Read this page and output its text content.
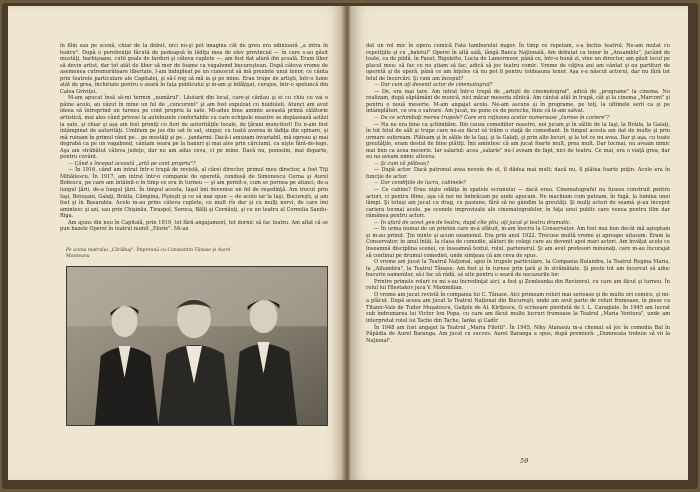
în film sau pe scenă, chiar de la debut, nici nu-şi pot imagina cât de greu era odinioară „a intra în teatru". După o perehenţie făcută de pedeapsă în lădiţa mea de elev provincial — în care s-au găsit mustăţi, barbişoane, cutii goale de farduri şi câteva cuplete —, am fost dat afară din şcoală. Eram liber să devin artist, dar tot atât de liber să mor de foame ca vagabond bucureştean. După câteva vreme de asemenea cutremurătoare libertate, l-am îndupleat pe un cunoscut să mă prezinte unui tenor, ce cânta prin teatrele particulare ale Capitalei, şi să-l rog să mă ia şi pe mine. Erau trupe de artişti, într-o lume atât de grea, închiriate pentru o seară în faţa publicului şi m-am şi înfăţişat, curajos, într-o speluncă din Calea Griviţei.

M-am apucat însă să-mi termin „numărul". Lăutarii din local, care-şi cântau şi ei cu chiu cu vai o pâine acolo, au văzut în mine un fel de „concurent" şi am fost expulzat cu huiduieli. Atunci am avut ideea să întreprind un turneu pe cont propriu la sate. Mi-adus bine aminte această primă călătorie artistică, mai ales când privesc la autobuzele confortabile cu care echipele noastre se deplasează astăzi la sate, şi chiar şi aşa am fost primiţi cu flori de autorităţile locale, de ţărani muncitori! Eu n-am fost întâmpinat de autorităţi. Umblam pe jos din sat în sat, singur, cu toată averea în lădiţa din spinare, şi mă ruinam în primul rând pe... pe mustăţi şi pe... jandarmi. Dacă-i amuzam invariabil, mă opreau şi mai degrabă ca pe un vagabond, cântam seara pe la hanuri şi mai ales prin cârciumi, ca nişte fără-de-lege. Aşa am străbătut câteva judeţe, dar nu am adus ceva, ci pe mine. Dacă nu, ponosim, mai departe, pentru cuvânt.

— Când a început această „artă pe cont propriu"?

— În 1916, când am intrat într-o trupă de revistă, al cărei director, primul meu director, a fost Tiţi Mihăilescu. În 1917, am intrat într-o companie de operetă, condusă de Simonescu Cerna şi Aurel Bobescu, pe care am întâlnit-o în timp ce era în turneu — şi am pornit-o, cum se pornea pe atunci, de-a lungul ţării, de-a lungul ţării. În timpul acesta, Iaşul îmi devenise un fel de reşedinţă. Am trecut prin Iaşi, Botoşani, Galaţi, Brăila, Câmpina, Ploieşti şi ce să mai spun — de acolo iar la Iaşi, Bucureşti, şi am fost şi în Basarabia. Acolo m-au prins câteva cuplete, cu mult rîs dar şi cu mulţi nervi, de care îmi amintesc şi azi, sau prin Chişinău, Tiraspol, Soroca, Bălţi şi Cernăuţi, şi cu un teatru al Cornelia Sandu-Riga.

Am ajuns din nou în Capitală, prin 1919, tot fără angajament, tot dornic să fac teatru. Am aflat că se pun bazele Operei în teatrul numit „Elorie". Mi-au

Pe scena teatrului „Cărăbuş". Împreună cu Constantin Tănase şi Aurel Manteanu

dat un rol mic în opera comică Fata tamburului major. În timp ce repetam, s-a închis teatrul. Ne-am mutat cu repetiţiile şi cu „baletul" Operei în altă sală, lângă Banca Naţională. Am debutat ca tenor în „Ansamblu", jucând de toate, ca de pildă, în Faust, Rigoletto, Lucia de Lamermoor, până ce, într-o bună zi, vine un director, am găsit locul pe placul meu: să fac ce nu ştiam să fac, adică să joc teatru comic. Vreme de câţiva ani am cântat şi eu partituri de operetă şi de operă, până ce am înţeles că nu pot fi pentru totdeauna tenor. Aşa s-a născut actorul, dar nu fără tot felul de încercări. Şi cum am început?

— Dar cum aţi devenit actor de cinematograf?

— De, era mai tare. Am intrat într-o trupă de „artişti de cinematograf", adică de „programe" la cinema. Nu realizam, după săptămâni de muncă, nici măcar meseria zilnică. Am cântat atât în trupă, cât şi la cinema „Marconi" şi pentru o nouă meserie. M-am angajat acolo. Ne-am ascuns şi în programe, pe toţi, la ultimele serii ca şi pe întâmplători, ce era o salvare. Am jucat, ne pune ce de pereche, bine că le-am salvat.

— De ce schimbaţi mereu trupele? Care era raţiunea acelor numeroase „turnee în cariere"?

— Nu ne era bine ca şchimbăm. Din cauza comediilor noastre, noi jucam şi în sălile de la Iaşi, la Brăila, la Galaţi, în tot felul de săli şi trupe care ne-au făcut să trăim o viaţă de comediant. În timpul acesta am dat de multe şi prin urmare sufeream. Plăteam şi în sălile de la Iaşi, şi la Galaţi, şi prin alte locuri, şi la tot ce nu avea. Dar şi aşa, cu toate greutăţile, eram destul de bine plătiţi. Îmi amintesc că am jucat foarte mult, prea mult. Dar tocmai, nu aveam nimic mai bun ca acea meserie. Iar salariul: acea „salarie" nu-l aveam de fapt, nici de teatru. Ce mai, era o viaţă grea, dar eu nu aveam nimic altceva.

— Şi cum vă plăteau?

— După actor. Dacă patronul avea nevoie de el, îl dădea mai mult; dacă nu, îl plătea foarte puţin. Acolo era în funcţie de actor.

— Dar condiţiile de lucru, cabinele?

— Ce cabine? Erau nişte odăiţe în spatele ecranului — dacă erau. Cinematograful nu fusese construit pentru actori, ci pentru filme, aşa că noi ne îmbrăcam pe unde apucam. Ne machiam cum puteam, în fugă, la lumina unei lămpi. Şi totuşi am jucat cu drag, cu pasiune, fără să ne gândim la greutăţi. Şi mulţi actori de seamă şi-au început cariera tocmai acolo, pe scenele improvizate ale cinematografelor, în faţa unui public care venea pentru film dar rămânea pentru actori.

— În afară de acest gen de teatru, după cîte ştiu, aţi jucat şi teatru dramatic.

— În urma numai de un prieten care m-a sfătuit, m-am înscris la Conservator. Am fost mai bun decât mă aşteptam şi m-au primit. Ţin minte şi acum examenul. Era prin anul 1922. Trecuse multă vreme şi aproape uitasem. Eram la Conservator, în anul întâi, la clasa de comedie, alături de colegi care au devenit apoi mari actori. Am învăţat acolo ce înseamnă disciplina scenei, ce înseamnă textul, rolul, partenerul. Şi am avut profesori minunaţi, care m-au încurajat să continui pe drumul comediei, unde simţeau că am ceva de spus.

O vreme am jucat la Teatrul Naţional, apoi în trupele particulare, la Compania Bulandra, la Teatrul Regina Maria, la „Alhambra", la Teatrul Tănase. Am fost şi în turnee prin ţară şi în străinătate. Şi peste tot am încercat să aduc bucurie oamenilor, să-i fac să râdă, să uite pentru o seară de necazurile lor.

Printre primele roluri ce mi s-au încredinţat aici, a fost şi Zemleanka din Revizorul, cu care am făcut şi turneu. În rolul lui Hlestakov juca V. Maximilian.

O vreme am jucat revistă în compania lui C. Tănase. Aici primeam roluri mai serioase şi de multe ori comice, şi mi-a plăcut. După aceea am jucat la Teatrul Naţional din Bucureşti, unde am avut parte de roluri frumoase, în piese ca Titanic-Vals de Tudor Muşatescu, Gaiţele de Al. Kiriţescu, O scrisoare pierdută de I. L. Caragiale. În 1945 am lucrat sub îndrumarea lui Victor Ion Popa, cu care am făcut multe lucruri frumoase la Teatrul „Maria Ventura", unde am interpretat rolul lui Tache din Tache, Ianke şi Cadîr.

În 1948 am fost angajat la Teatrul „Maria Filotti". În 1945, Niky Atanasiu m-a chemat să joc în comedia Bal în Păpădia de Aurel Baranga. Am jucat cu succes. Aurel Baranga a spus, după premieră: „Dumneata trebuie să vii la Naţional".

59
